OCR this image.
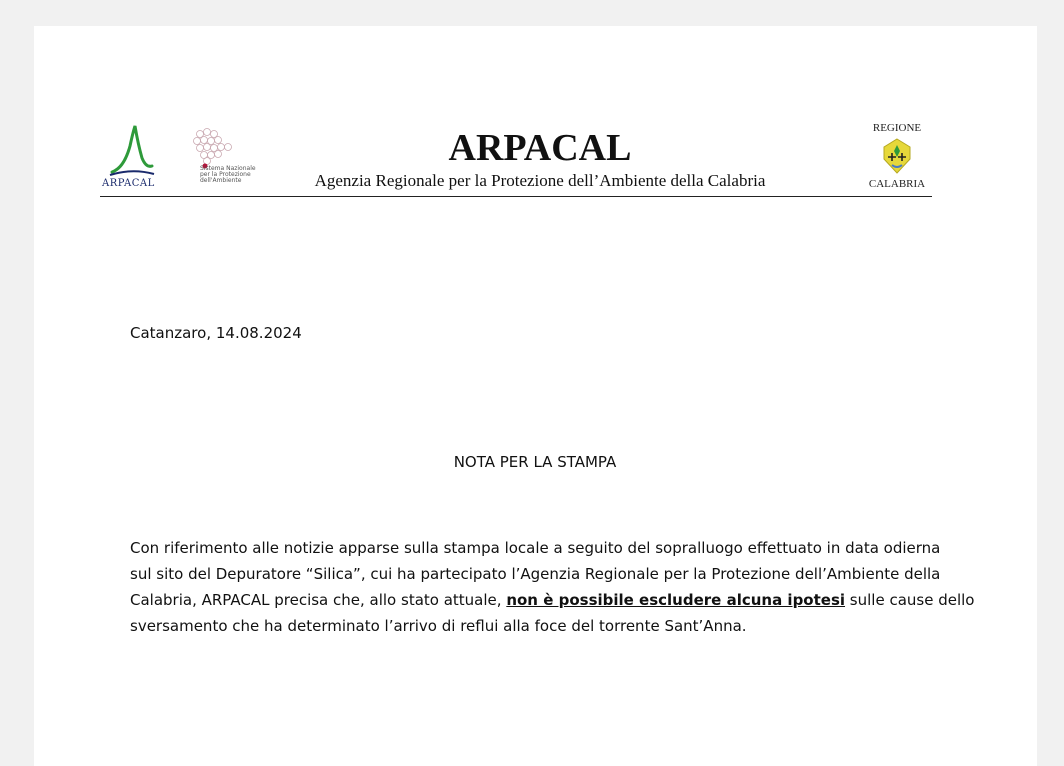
ARPACAL
Sistema Nazionale
per la Protezione
dell'Ambiente
ARPACAL
Agenzia Regionale per la Protezione dell’Ambiente della Calabria
REGIONE
CALABRIA
Catanzaro, 14.08.2024
NOTA PER LA STAMPA
Con riferimento alle notizie apparse sulla stampa locale a seguito del sopralluogo effettuato in data odierna
sul sito del Depuratore “Silica”, cui ha partecipato l’Agenzia Regionale per la Protezione dell’Ambiente della
Calabria, ARPACAL precisa che, allo stato attuale, non è possibile escludere alcuna ipotesi sulle cause dello
sversamento che ha determinato l’arrivo di reflui alla foce del torrente Sant’Anna.
